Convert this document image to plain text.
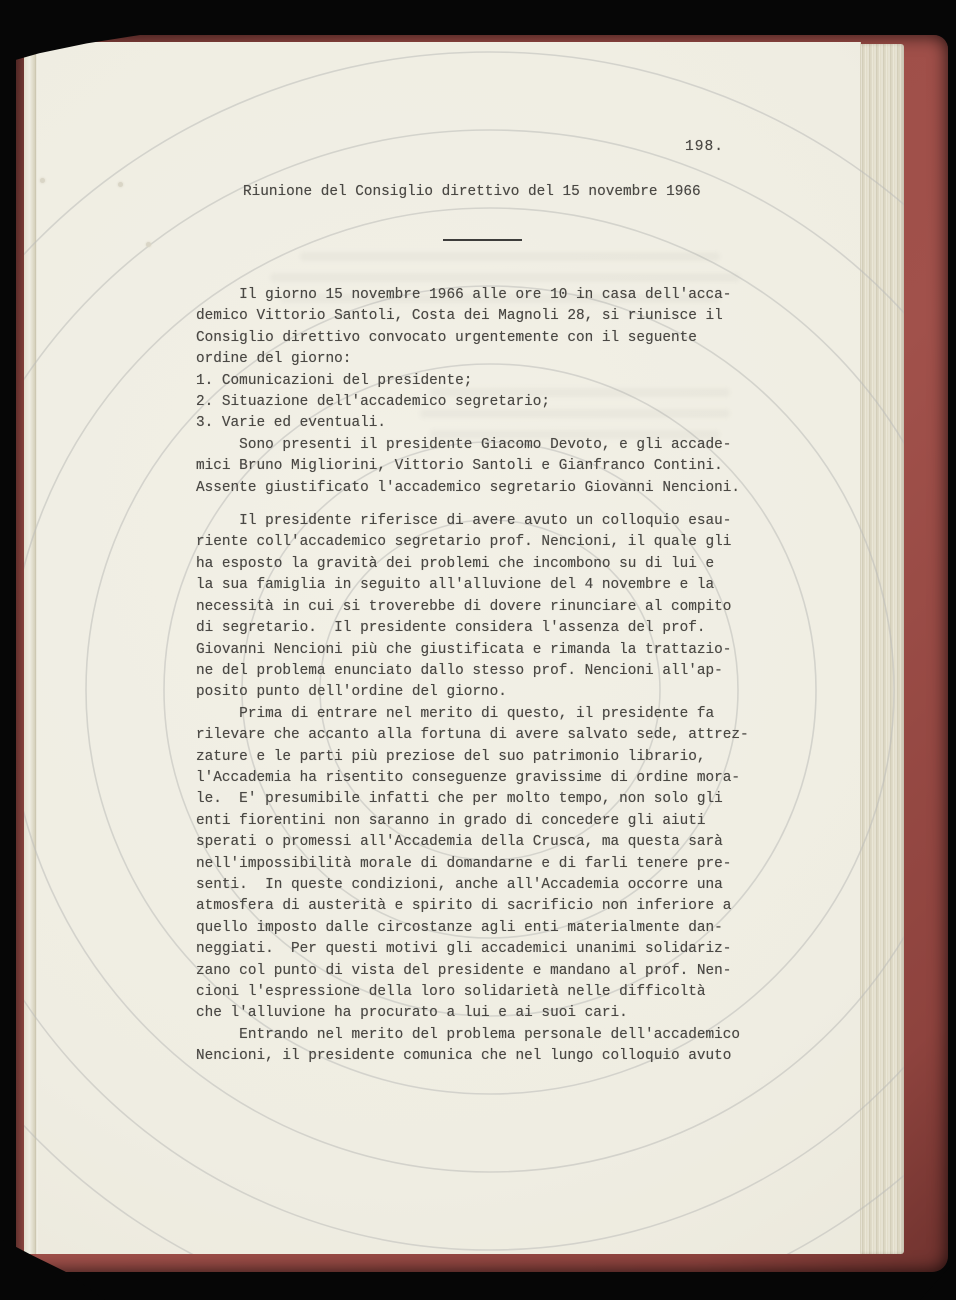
198.
Riunione del Consiglio direttivo del 15 novembre 1966
Il giorno 15 novembre 1966 alle ore 10 in casa dell'acca-
demico Vittorio Santoli, Costa dei Magnoli 28, si riunisce il
Consiglio direttivo convocato urgentemente con il seguente
ordine del giorno:
1. Comunicazioni del presidente;
2. Situazione dell'accademico segretario;
3. Varie ed eventuali.
Sono presenti il presidente Giacomo Devoto, e gli accade-
mici Bruno Migliorini, Vittorio Santoli e Gianfranco Contini.
Assente giustificato l'accademico segretario Giovanni Nencioni.
Il presidente riferisce di avere avuto un colloquio esau-
riente coll'accademico segretario prof. Nencioni, il quale gli
ha esposto la gravità dei problemi che incombono su di lui e
la sua famiglia in seguito all'alluvione del 4 novembre e la
necessità in cui si troverebbe di dovere rinunciare al compito
di segretario.  Il presidente considera l'assenza del prof.
Giovanni Nencioni più che giustificata e rimanda la trattazio-
ne del problema enunciato dallo stesso prof. Nencioni all'ap-
posito punto dell'ordine del giorno.
Prima di entrare nel merito di questo, il presidente fa
rilevare che accanto alla fortuna di avere salvato sede, attrez-
zature e le parti più preziose del suo patrimonio librario,
l'Accademia ha risentito conseguenze gravissime di ordine mora-
le.  E' presumibile infatti che per molto tempo, non solo gli
enti fiorentini non saranno in grado di concedere gli aiuti
sperati o promessi all'Accademia della Crusca, ma questa sarà
nell'impossibilità morale di domandarne e di farli tenere pre-
senti.  In queste condizioni, anche all'Accademia occorre una
atmosfera di austerità e spirito di sacrificio non inferiore a
quello imposto dalle circostanze agli enti materialmente dan-
neggiati.  Per questi motivi gli accademici unanimi solidariz-
zano col punto di vista del presidente e mandano al prof. Nen-
cioni l'espressione della loro solidarietà nelle difficoltà
che l'alluvione ha procurato a lui e ai suoi cari.
Entrando nel merito del problema personale dell'accademico
Nencioni, il presidente comunica che nel lungo colloquio avuto
